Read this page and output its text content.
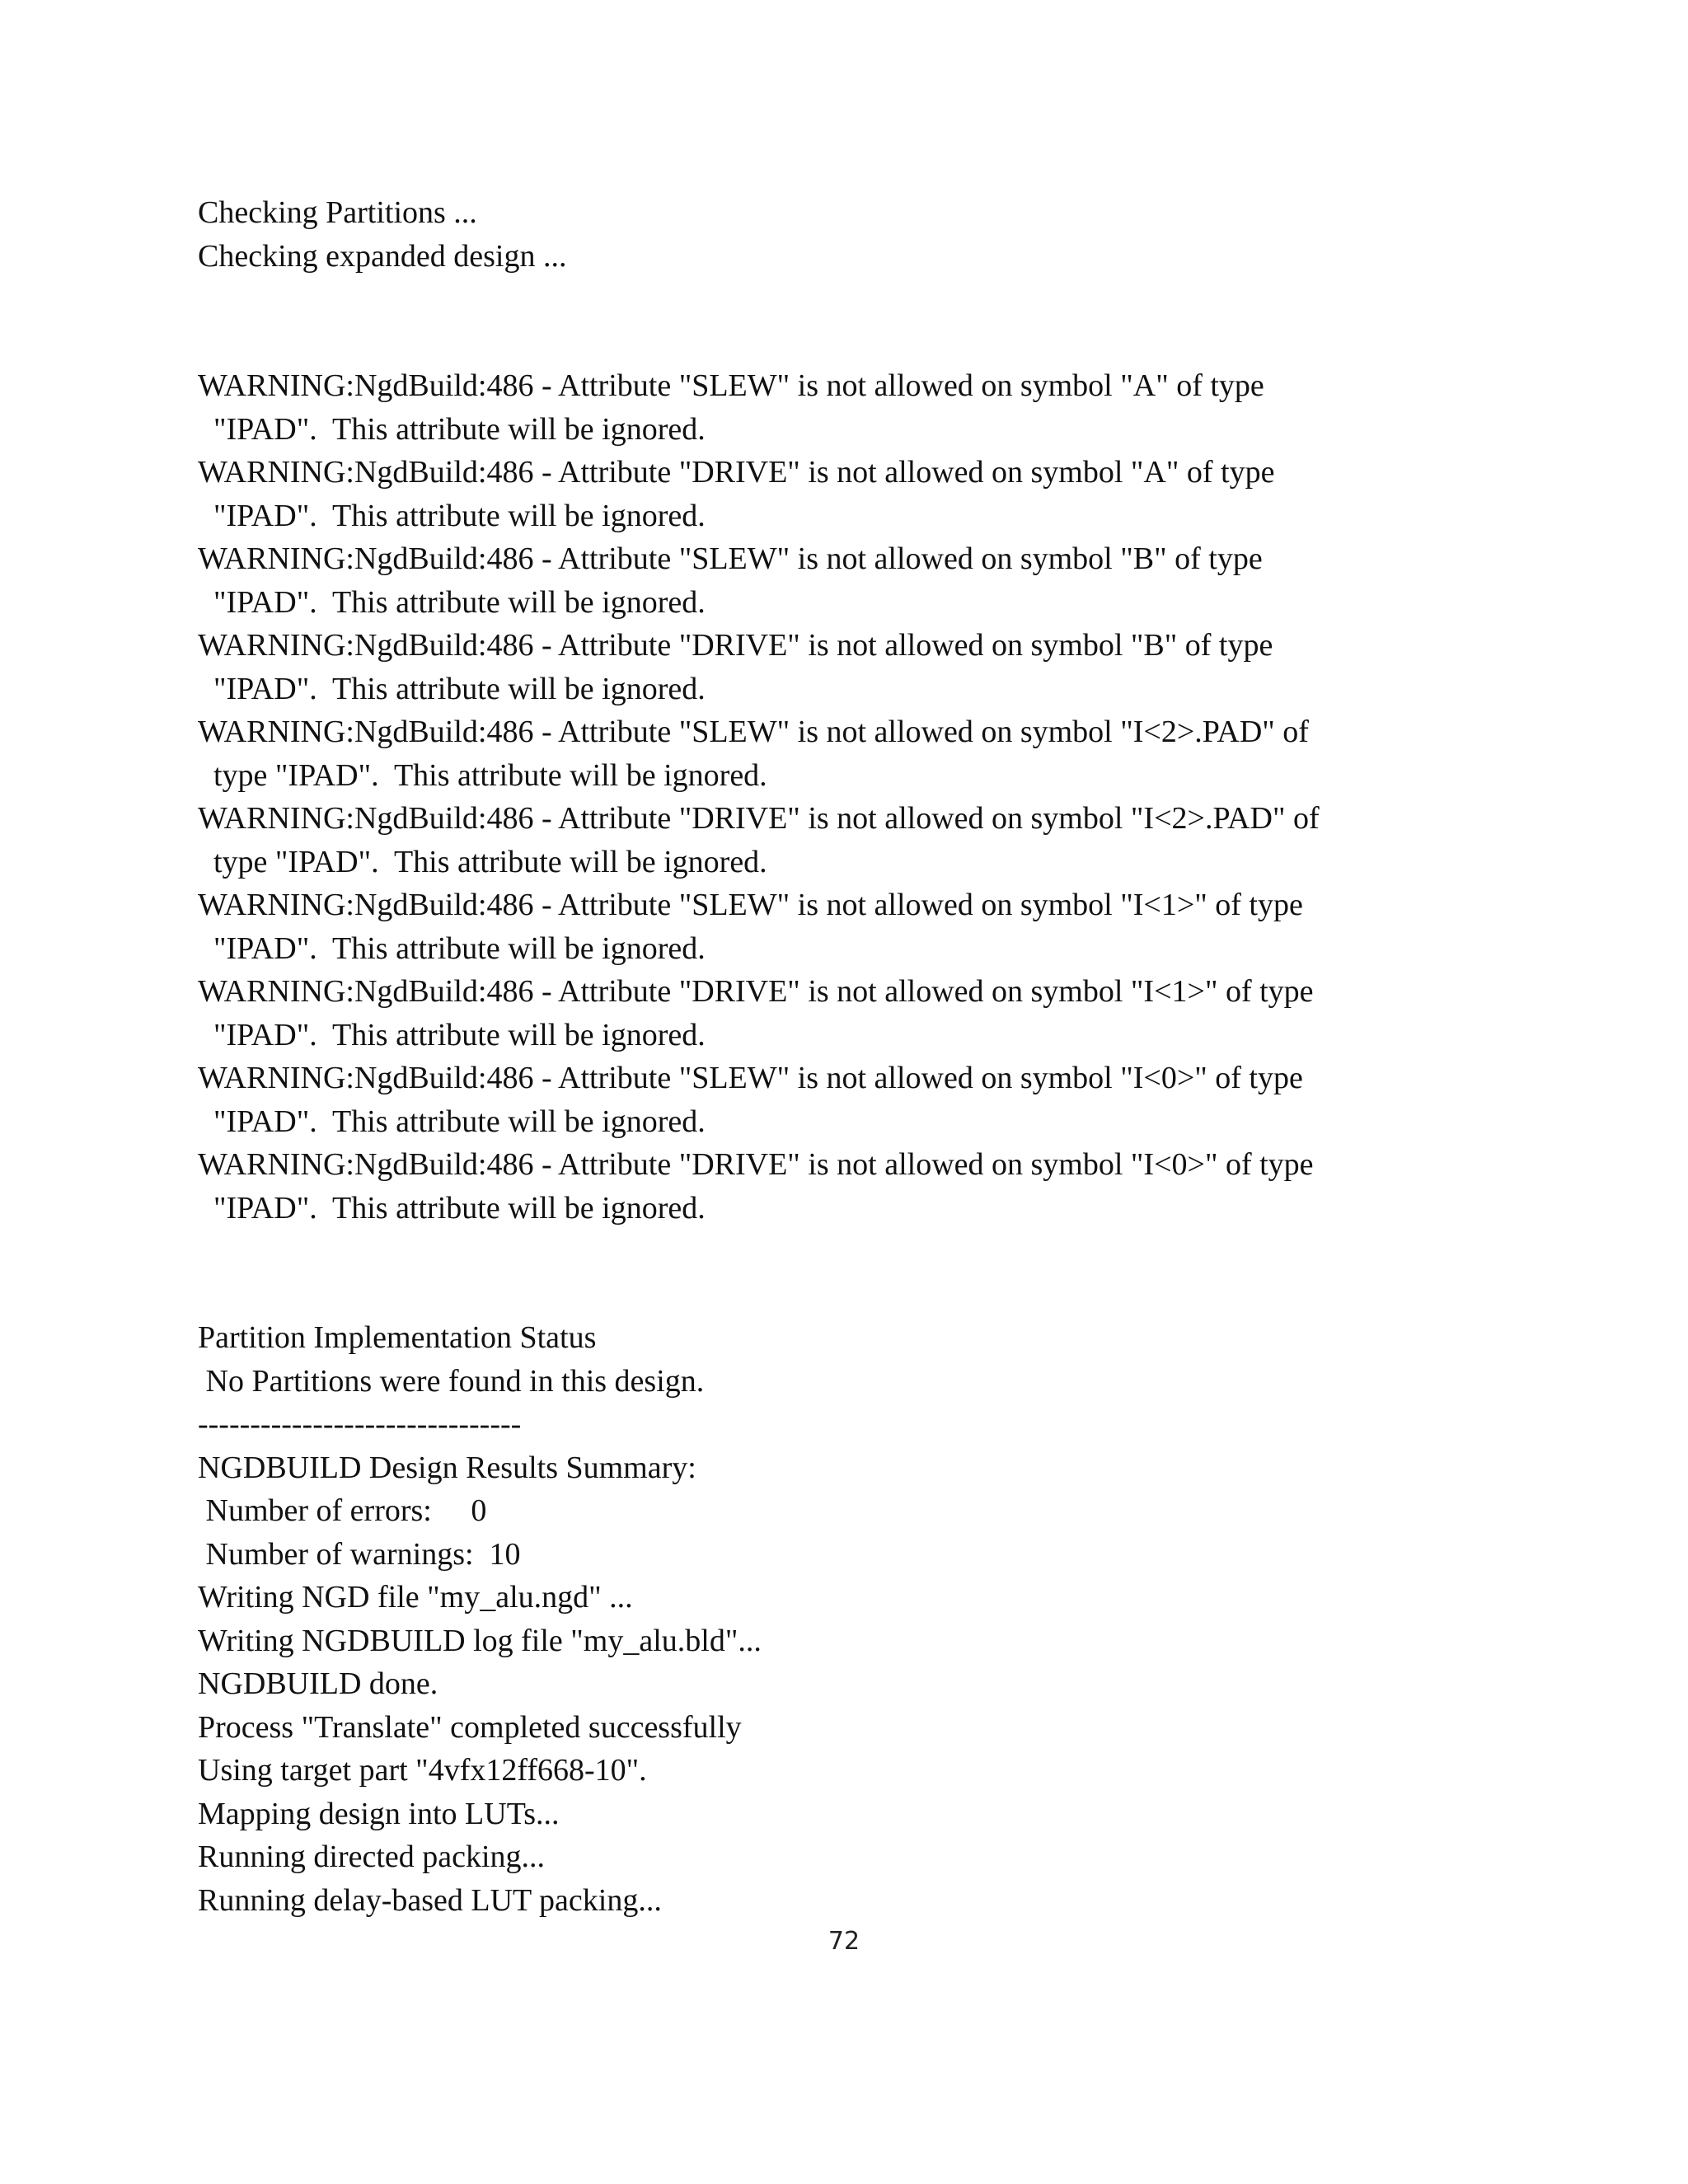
Checking Partitions ...
Checking expanded design ...
WARNING:NgdBuild:486 - Attribute "SLEW" is not allowed on symbol "A" of type
"IPAD".  This attribute will be ignored.
WARNING:NgdBuild:486 - Attribute "DRIVE" is not allowed on symbol "A" of type
"IPAD".  This attribute will be ignored.
WARNING:NgdBuild:486 - Attribute "SLEW" is not allowed on symbol "B" of type
"IPAD".  This attribute will be ignored.
WARNING:NgdBuild:486 - Attribute "DRIVE" is not allowed on symbol "B" of type
"IPAD".  This attribute will be ignored.
WARNING:NgdBuild:486 - Attribute "SLEW" is not allowed on symbol "I<2>.PAD" of
type "IPAD".  This attribute will be ignored.
WARNING:NgdBuild:486 - Attribute "DRIVE" is not allowed on symbol "I<2>.PAD" of
type "IPAD".  This attribute will be ignored.
WARNING:NgdBuild:486 - Attribute "SLEW" is not allowed on symbol "I<1>" of type
"IPAD".  This attribute will be ignored.
WARNING:NgdBuild:486 - Attribute "DRIVE" is not allowed on symbol "I<1>" of type
"IPAD".  This attribute will be ignored.
WARNING:NgdBuild:486 - Attribute "SLEW" is not allowed on symbol "I<0>" of type
"IPAD".  This attribute will be ignored.
WARNING:NgdBuild:486 - Attribute "DRIVE" is not allowed on symbol "I<0>" of type
"IPAD".  This attribute will be ignored.
Partition Implementation Status
No Partitions were found in this design.
-------------------------------
NGDBUILD Design Results Summary:
Number of errors:     0
Number of warnings:  10
Writing NGD file "my_alu.ngd" ...
Writing NGDBUILD log file "my_alu.bld"...
NGDBUILD done.
Process "Translate" completed successfully
Using target part "4vfx12ff668-10".
Mapping design into LUTs...
Running directed packing...
Running delay-based LUT packing...
72
